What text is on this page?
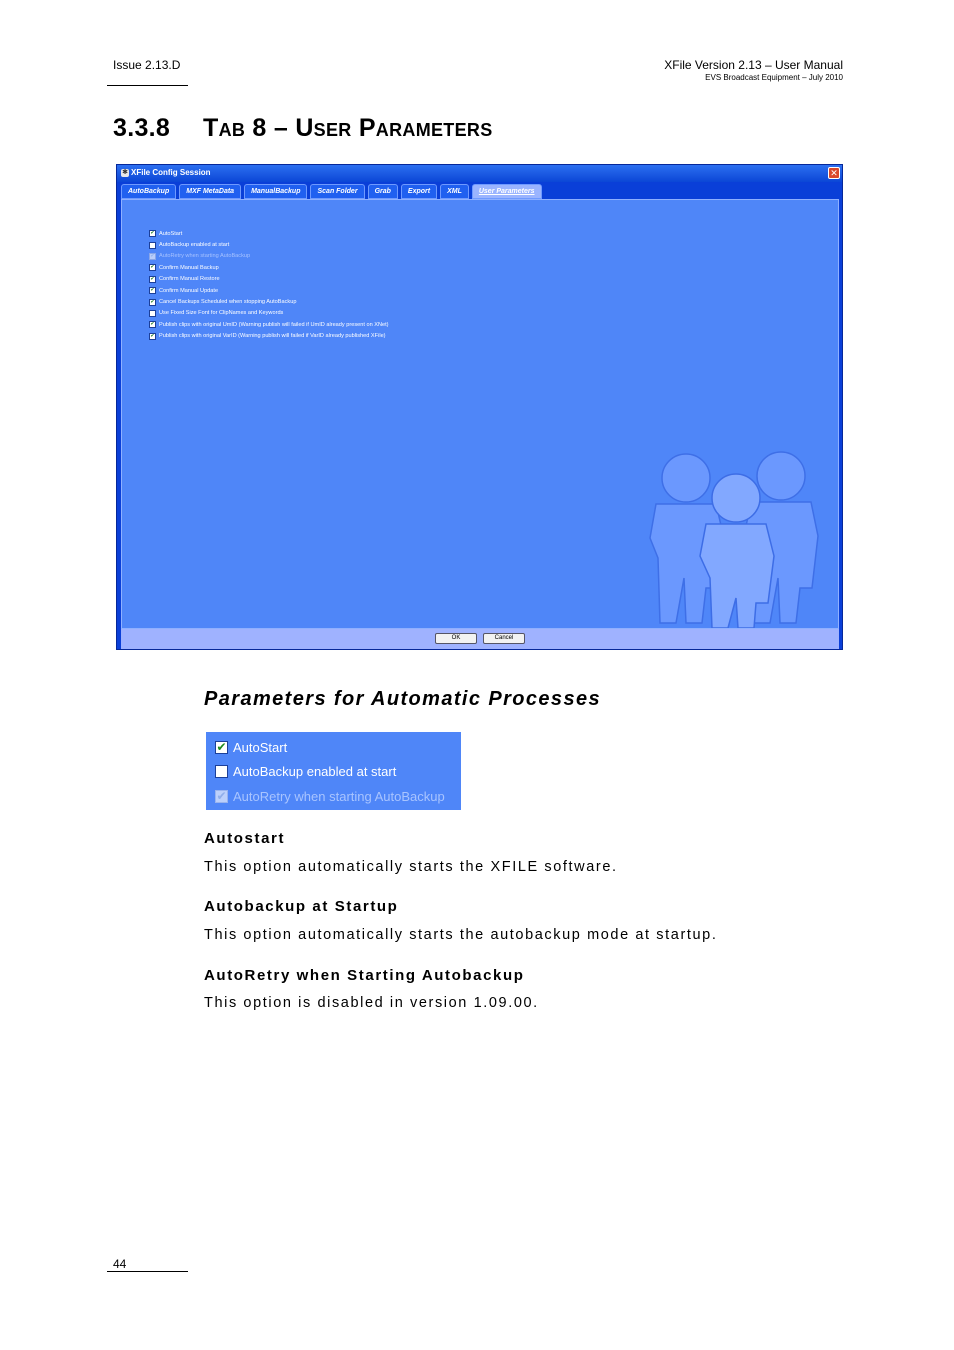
Issue 2.13.D	XFile Version 2.13 – User Manual
EVS Broadcast Equipment – July 2010
3.3.8 Tab 8 – User Parameters
✱ XFile Config Session	✕
AutoBackup	MXF MetaData	ManualBackup	Scan Folder	Grab	Export	XML	User Parameters
✔ AutoStart
AutoBackup enabled at start
✔ AutoRetry when starting AutoBackup
✔ Confirm Manual Backup
✔ Confirm Manual Restore
✔ Confirm Manual Update
✔ Cancel Backups Scheduled when stopping AutoBackup
Use Fixed Size Font for ClipNames and Keywords
✔ Publish clips with original UmID (Warning publish will failed if UmID already present on XNet)
✔ Publish clips with original VarID (Warning publish will failed if VarID already published XFile)
OK	Cancel
Parameters for Automatic Processes
✔ AutoStart
AutoBackup enabled at start
✔ AutoRetry when starting AutoBackup
Autostart
This option automatically starts the XFILE software.
Autobackup at Startup
This option automatically starts the autobackup mode at startup.
AutoRetry when Starting Autobackup
This option is disabled in version 1.09.00.
44
